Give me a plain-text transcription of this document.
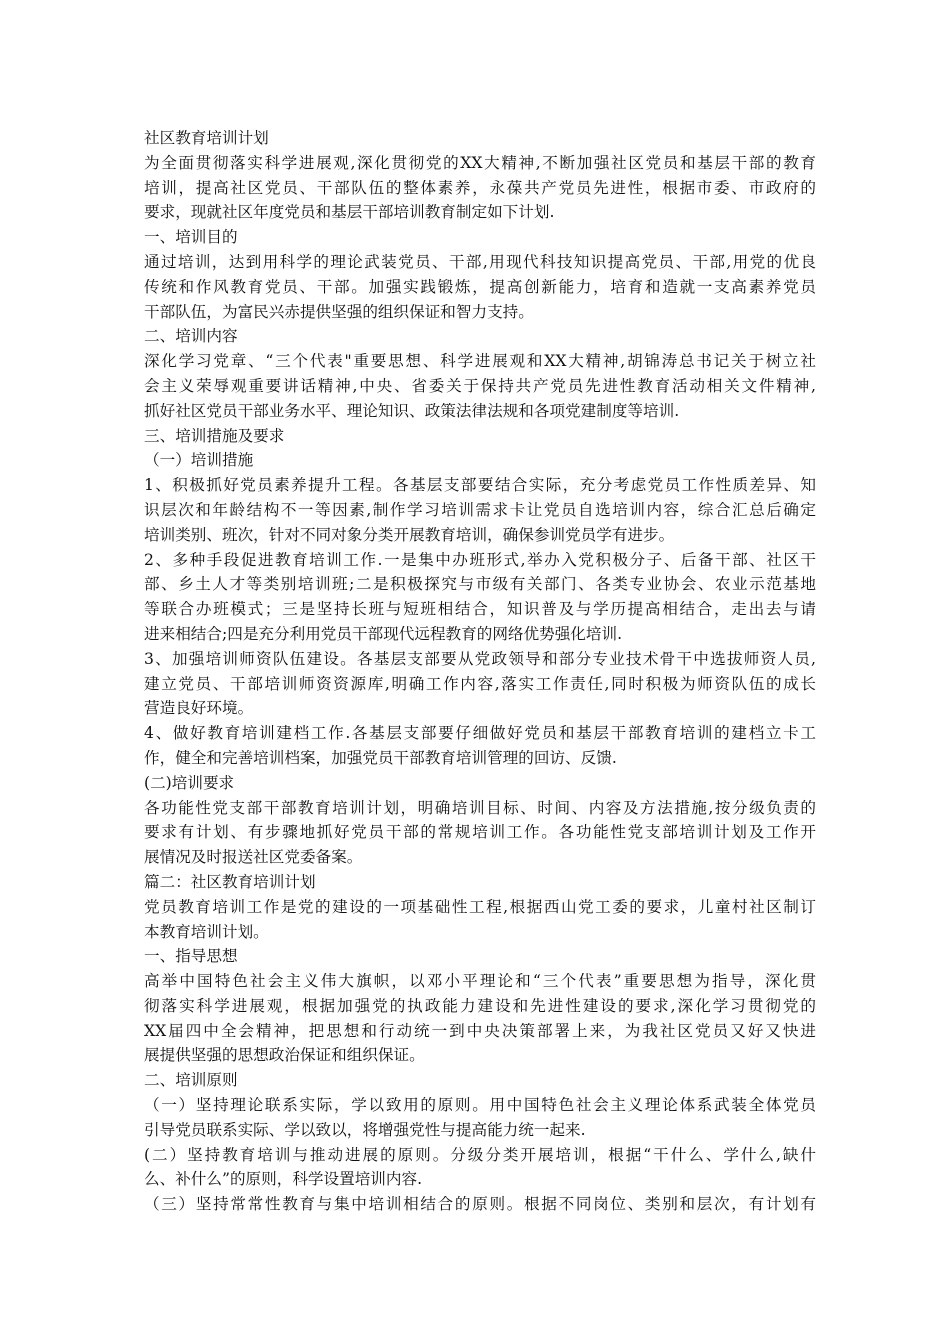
社区教育培训计划
为全面贯彻落实科学进展观,深化贯彻党的XX大精神,不断加强社区党员和基层干部的教育
培训，提高社区党员、干部队伍的整体素养，永葆共产党员先进性，根据市委、市政府的
要求，现就社区年度党员和基层干部培训教育制定如下计划.
一、培训目的
通过培训，达到用科学的理论武装党员、干部,用现代科技知识提高党员、干部,用党的优良
传统和作风教育党员、干部。加强实践锻炼，提高创新能力，培育和造就一支高素养党员
干部队伍，为富民兴赤提供坚强的组织保证和智力支持。
二、培训内容
深化学习党章、“三个代表"重要思想、科学进展观和XX大精神,胡锦涛总书记关于树立社
会主义荣辱观重要讲话精神,中央、省委关于保持共产党员先进性教育活动相关文件精神,
抓好社区党员干部业务水平、理论知识、政策法律法规和各项党建制度等培训.
三、培训措施及要求
（一）培训措施
1、积极抓好党员素养提升工程。各基层支部要结合实际，充分考虑党员工作性质差异、知
识层次和年龄结构不一等因素,制作学习培训需求卡让党员自选培训内容，综合汇总后确定
培训类别、班次，针对不同对象分类开展教育培训，确保参训党员学有进步。
2、多种手段促进教育培训工作.一是集中办班形式,举办入党积极分子、后备干部、社区干
部、乡土人才等类别培训班;二是积极探究与市级有关部门、各类专业协会、农业示范基地
等联合办班模式；三是坚持长班与短班相结合，知识普及与学历提高相结合，走出去与请
进来相结合;四是充分利用党员干部现代远程教育的网络优势强化培训.
3、加强培训师资队伍建设。各基层支部要从党政领导和部分专业技术骨干中选拔师资人员,
建立党员、干部培训师资资源库,明确工作内容,落实工作责任,同时积极为师资队伍的成长
营造良好环境。
4、做好教育培训建档工作.各基层支部要仔细做好党员和基层干部教育培训的建档立卡工
作，健全和完善培训档案，加强党员干部教育培训管理的回访、反馈.
(二)培训要求
各功能性党支部干部教育培训计划，明确培训目标、时间、内容及方法措施,按分级负责的
要求有计划、有步骤地抓好党员干部的常规培训工作。各功能性党支部培训计划及工作开
展情况及时报送社区党委备案。
篇二：社区教育培训计划
党员教育培训工作是党的建设的一项基础性工程,根据西山党工委的要求，儿童村社区制订
本教育培训计划。
一、指导思想
高举中国特色社会主义伟大旗帜，以邓小平理论和“三个代表”重要思想为指导，深化贯
彻落实科学进展观，根据加强党的执政能力建设和先进性建设的要求,深化学习贯彻党的
XX届四中全会精神，把思想和行动统一到中央决策部署上来，为我社区党员又好又快进
展提供坚强的思想政治保证和组织保证。
二、培训原则
（一）坚持理论联系实际，学以致用的原则。用中国特色社会主义理论体系武装全体党员
引导党员联系实际、学以致以，将增强党性与提高能力统一起来.
(二）坚持教育培训与推动进展的原则。分级分类开展培训，根据“干什么、学什么,缺什
么、补什么”的原则，科学设置培训内容.
（三）坚持常常性教育与集中培训相结合的原则。根据不同岗位、类别和层次，有计划有
